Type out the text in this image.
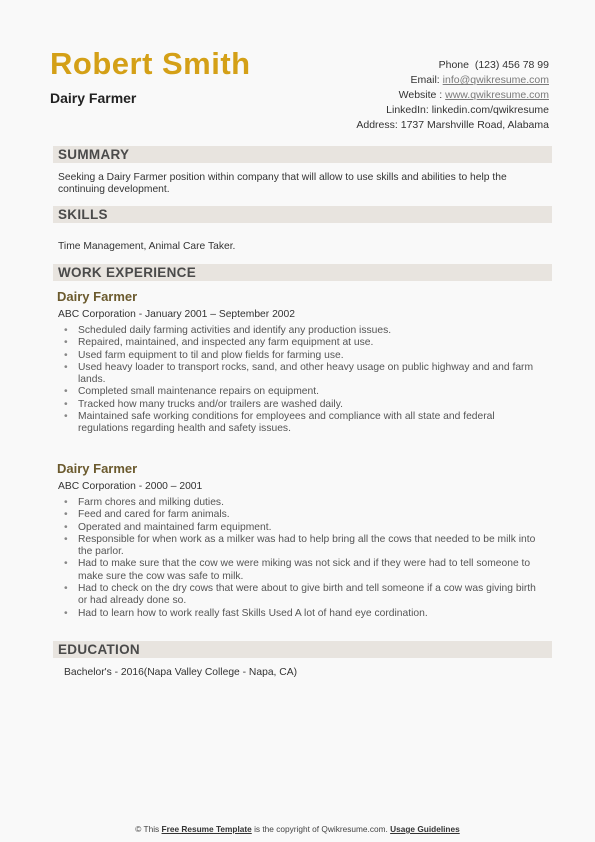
Robert Smith
Dairy Farmer
Phone (123) 456 78 99
Email: info@qwikresume.com
Website : www.qwikresume.com
LinkedIn: linkedin.com/qwikresume
Address: 1737 Marshville Road, Alabama
SUMMARY
Seeking a Dairy Farmer position within company that will allow to use skills and abilities to help the continuing development.
SKILLS
Time Management, Animal Care Taker.
WORK EXPERIENCE
Dairy Farmer
ABC Corporation - January 2001 – September 2002
• Scheduled daily farming activities and identify any production issues.
• Repaired, maintained, and inspected any farm equipment at use.
• Used farm equipment to til and plow fields for farming use.
• Used heavy loader to transport rocks, sand, and other heavy usage on public highway and and farm lands.
• Completed small maintenance repairs on equipment.
• Tracked how many trucks and/or trailers are washed daily.
• Maintained safe working conditions for employees and compliance with all state and federal regulations regarding health and safety issues.
Dairy Farmer
ABC Corporation - 2000 – 2001
• Farm chores and milking duties.
• Feed and cared for farm animals.
• Operated and maintained farm equipment.
• Responsible for when work as a milker was had to help bring all the cows that needed to be milk into the parlor.
• Had to make sure that the cow we were miking was not sick and if they were had to tell someone to make sure the cow was safe to milk.
• Had to check on the dry cows that were about to give birth and tell someone if a cow was giving birth or had already done so.
• Had to learn how to work really fast Skills Used A lot of hand eye cordination.
EDUCATION
Bachelor's - 2016(Napa Valley College - Napa, CA)
© This Free Resume Template is the copyright of Qwikresume.com. Usage Guidelines
